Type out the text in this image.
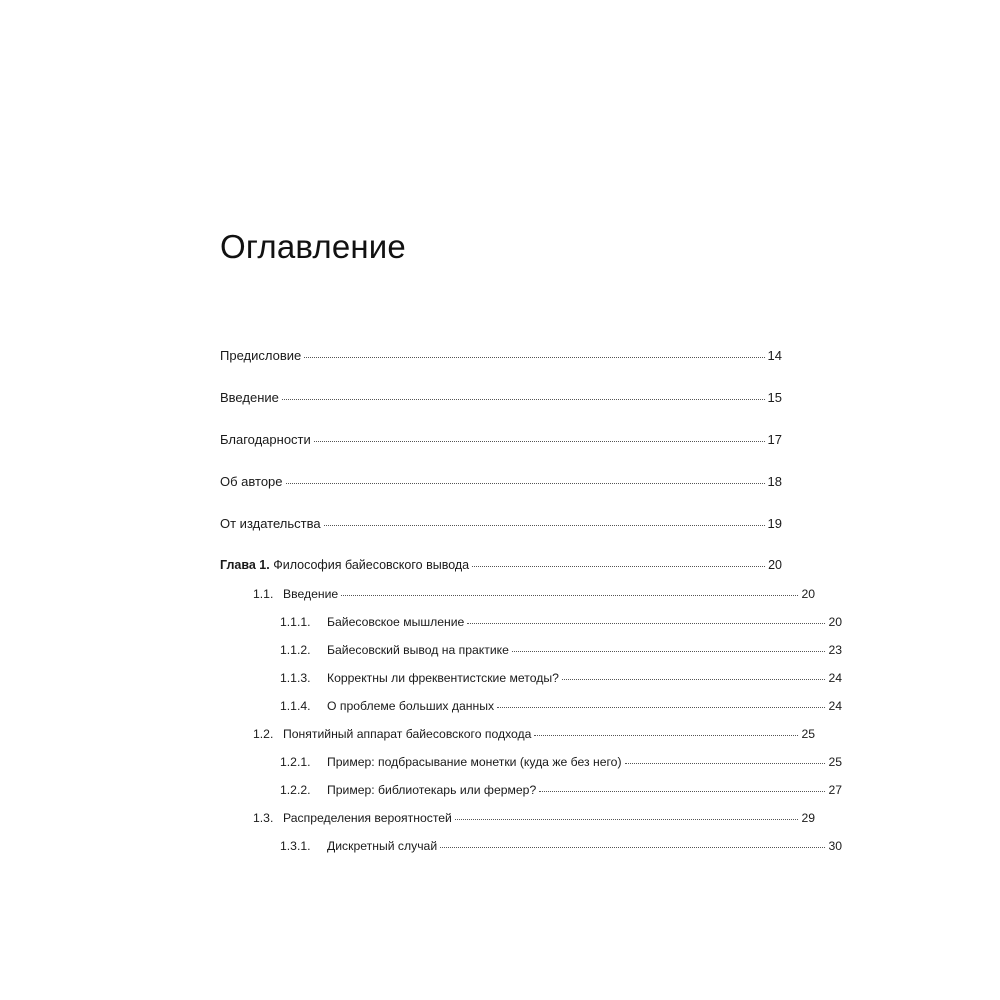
Оглавление
Предисловие	14
Введение	15
Благодарности	17
Об авторе	18
От издательства	19
Глава 1. Философия байесовского вывода	20
1.1. Введение	20
1.1.1. Байесовское мышление	20
1.1.2. Байесовский вывод на практике	23
1.1.3. Корректны ли фреквентистские методы?	24
1.1.4. О проблеме больших данных	24
1.2. Понятийный аппарат байесовского подхода	25
1.2.1. Пример: подбрасывание монетки (куда же без него)	25
1.2.2. Пример: библиотекарь или фермер?	27
1.3. Распределения вероятностей	29
1.3.1. Дискретный случай	30
